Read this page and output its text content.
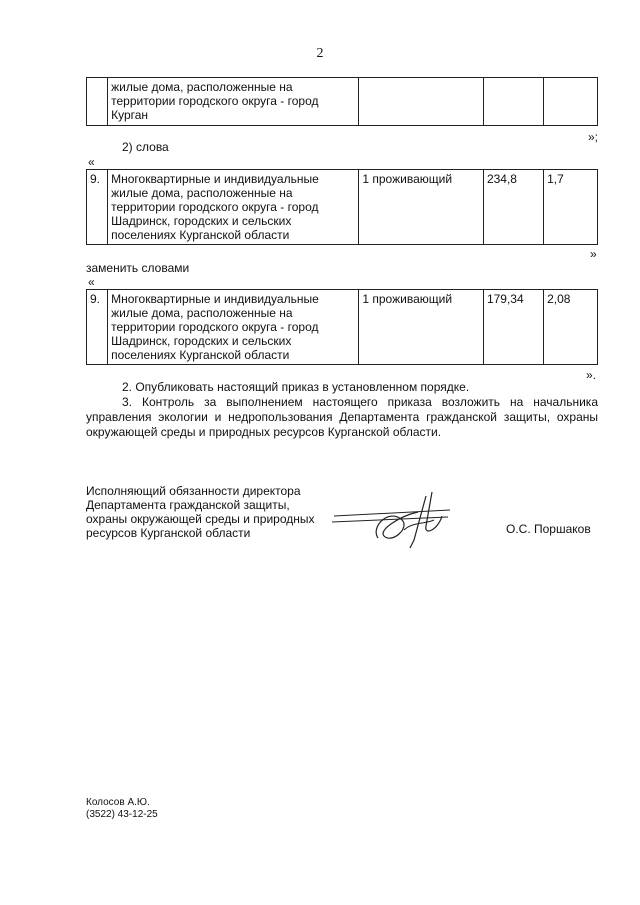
2
	жилые дома, расположенные на территории городского округа - город Курган			
»;
2) слова
«
9.	Многоквартирные и индивидуальные жилые дома, расположенные на территории городского округа - город Шадринск, городских и сельских поселениях Курганской области	1 проживающий	234,8	1,7
»
заменить словами
«
9.	Многоквартирные и индивидуальные жилые дома, расположенные на территории городского округа - город Шадринск, городских и сельских поселениях Курганской области	1 проживающий	179,34	2,08
».
2. Опубликовать настоящий приказ в установленном порядке.
3. Контроль за выполнением настоящего приказа возложить на начальника управления экологии и недропользования Департамента гражданской защиты, охраны окружающей среды и природных ресурсов Курганской области.
Исполняющий обязанности директора
Департамента гражданской защиты,
охраны окружающей среды и природных
ресурсов Курганской области	О.С. Поршаков
Колосов А.Ю.
(3522) 43-12-25
